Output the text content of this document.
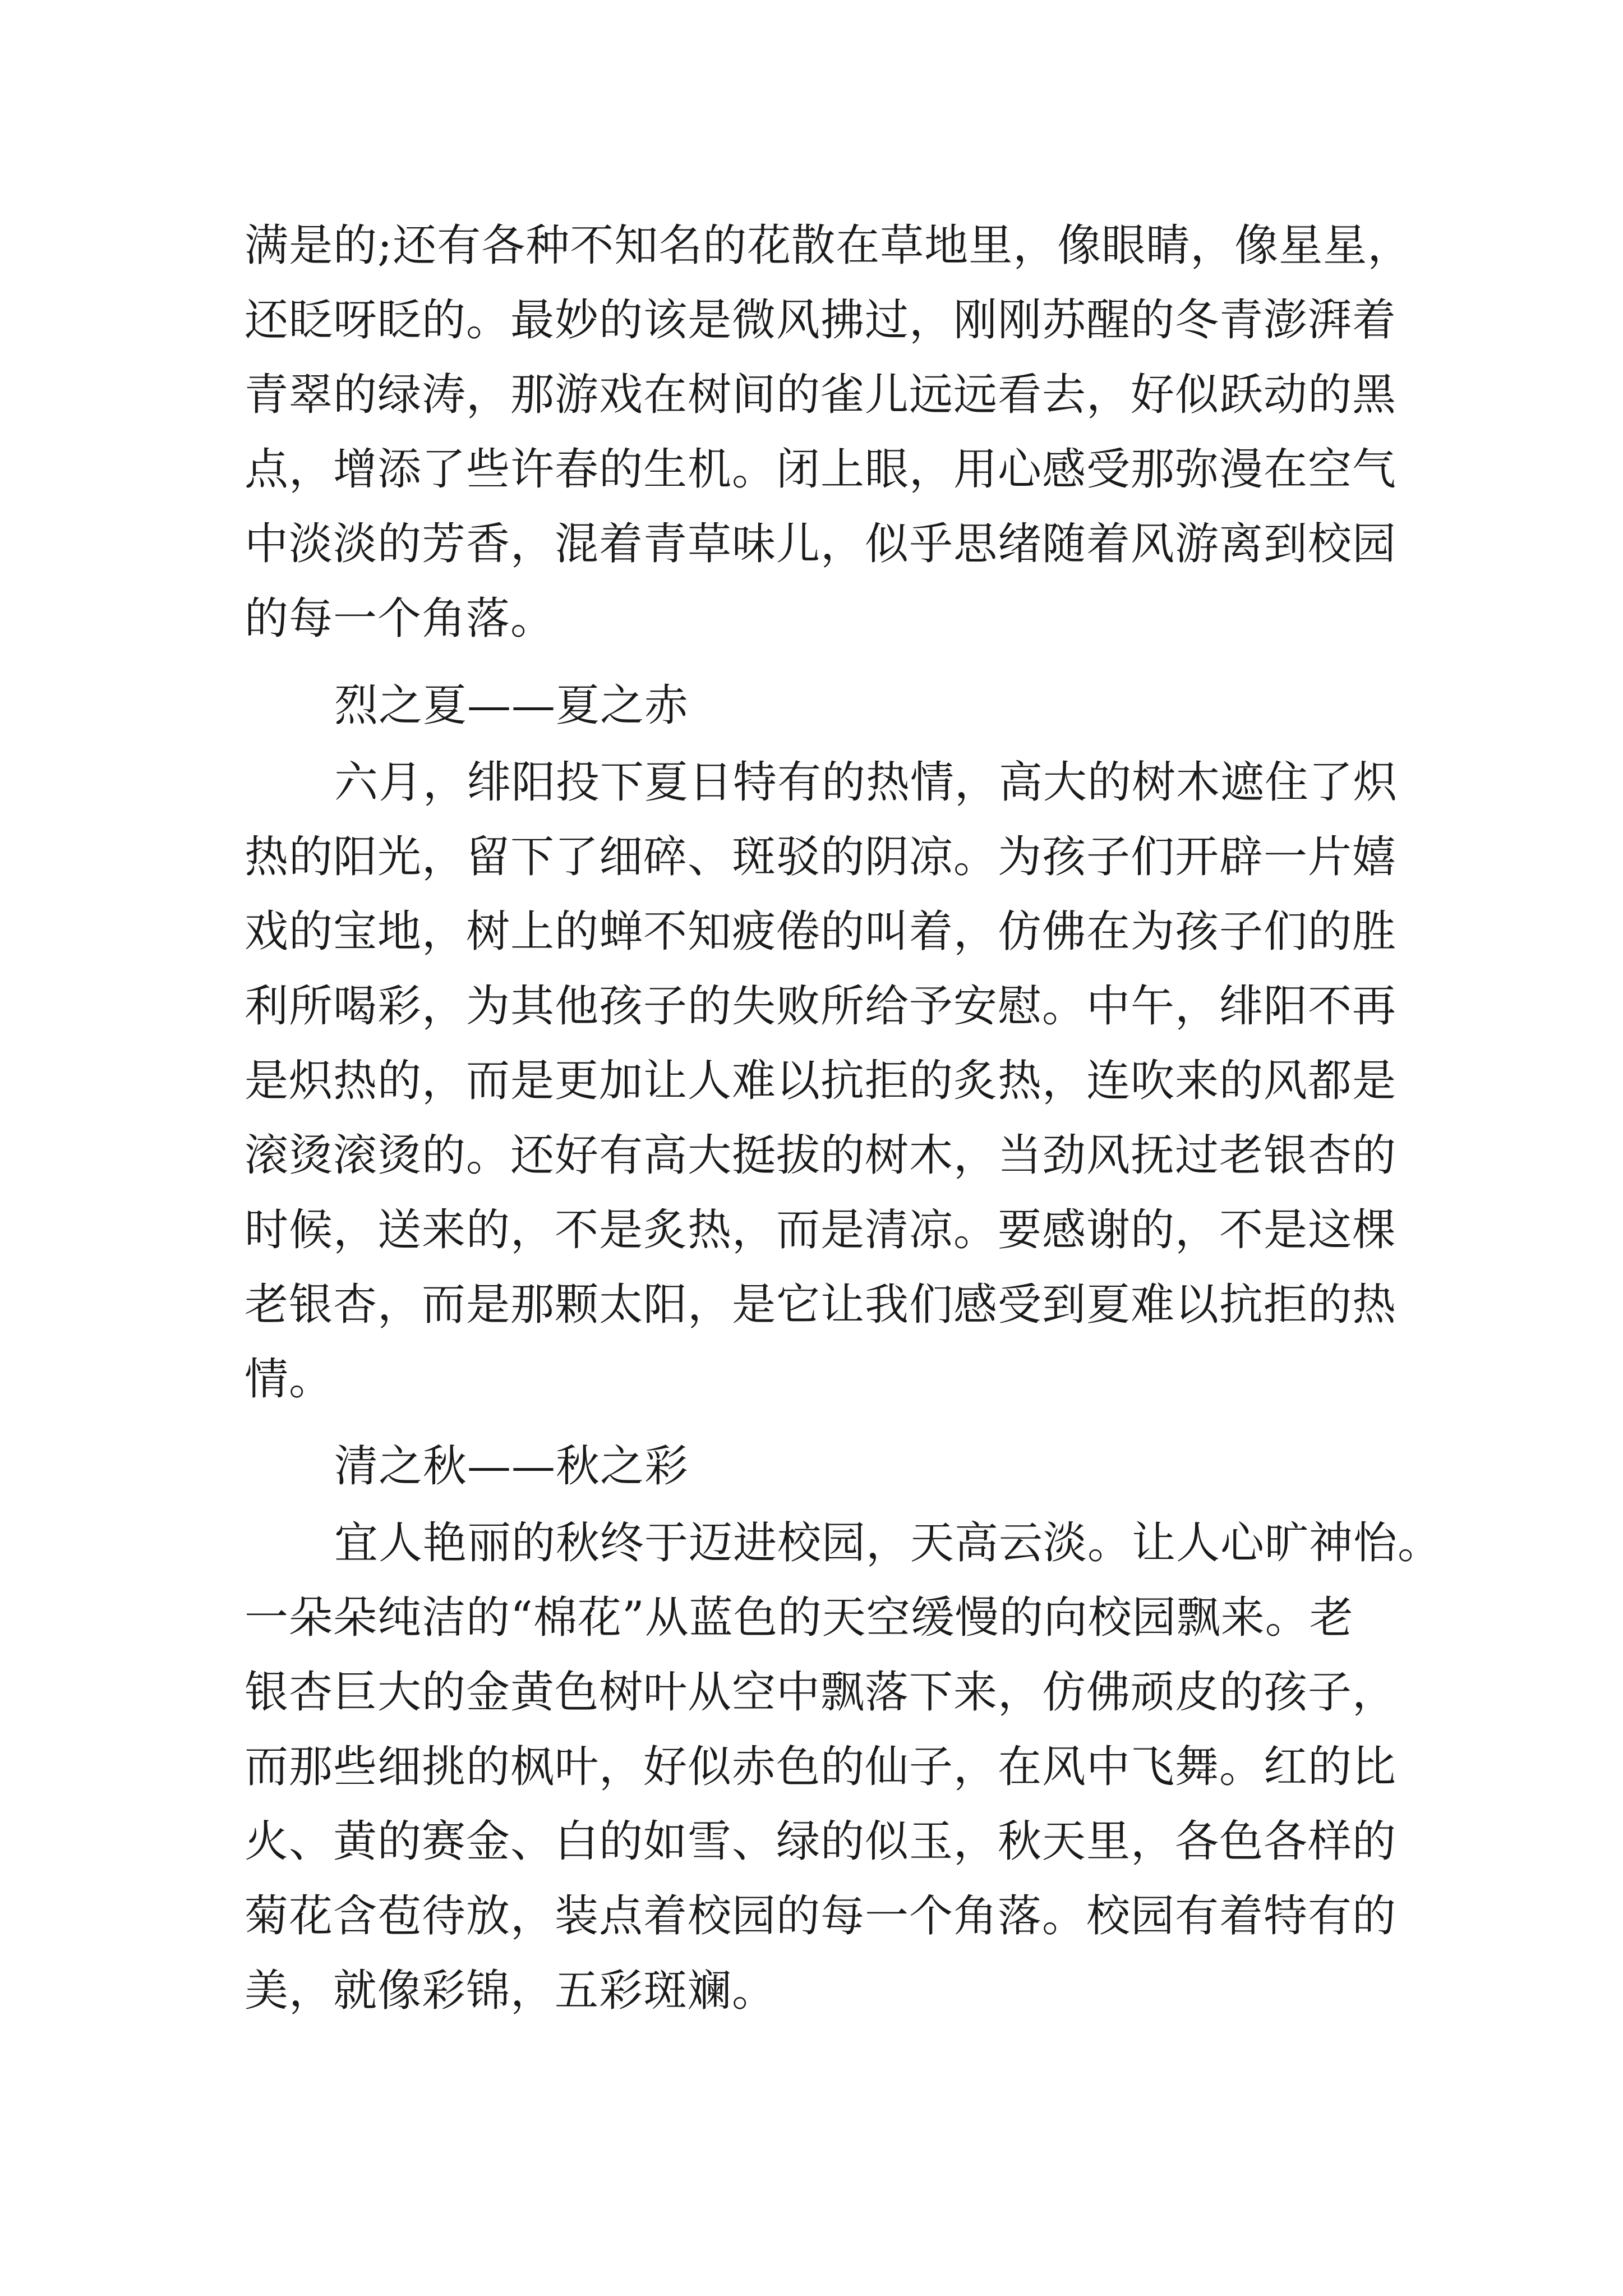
满是的;还有各种不知名的花散在草地里，像眼睛，像星星，
还眨呀眨的。最妙的该是微风拂过，刚刚苏醒的冬青澎湃着
青翠的绿涛，那游戏在树间的雀儿远远看去，好似跃动的黑
点，增添了些许春的生机。闭上眼，用心感受那弥漫在空气
中淡淡的芳香，混着青草味儿，似乎思绪随着风游离到校园
的每一个角落。
烈之夏——夏之赤
六月，绯阳投下夏日特有的热情，高大的树木遮住了炽
热的阳光，留下了细碎、斑驳的阴凉。为孩子们开辟一片嬉
戏的宝地，树上的蝉不知疲倦的叫着，仿佛在为孩子们的胜
利所喝彩，为其他孩子的失败所给予安慰。中午，绯阳不再
是炽热的，而是更加让人难以抗拒的炙热，连吹来的风都是
滚烫滚烫的。还好有高大挺拔的树木，当劲风抚过老银杏的
时候，送来的，不是炙热，而是清凉。要感谢的，不是这棵
老银杏，而是那颗太阳，是它让我们感受到夏难以抗拒的热
情。
清之秋——秋之彩
宜人艳丽的秋终于迈进校园，天高云淡。让人心旷神怡。
一朵朵纯洁的“棉花”从蓝色的天空缓慢的向校园飘来。老
银杏巨大的金黄色树叶从空中飘落下来，仿佛顽皮的孩子，
而那些细挑的枫叶，好似赤色的仙子，在风中飞舞。红的比
火、黄的赛金、白的如雪、绿的似玉，秋天里，各色各样的
菊花含苞待放，装点着校园的每一个角落。校园有着特有的
美，就像彩锦，五彩斑斓。
